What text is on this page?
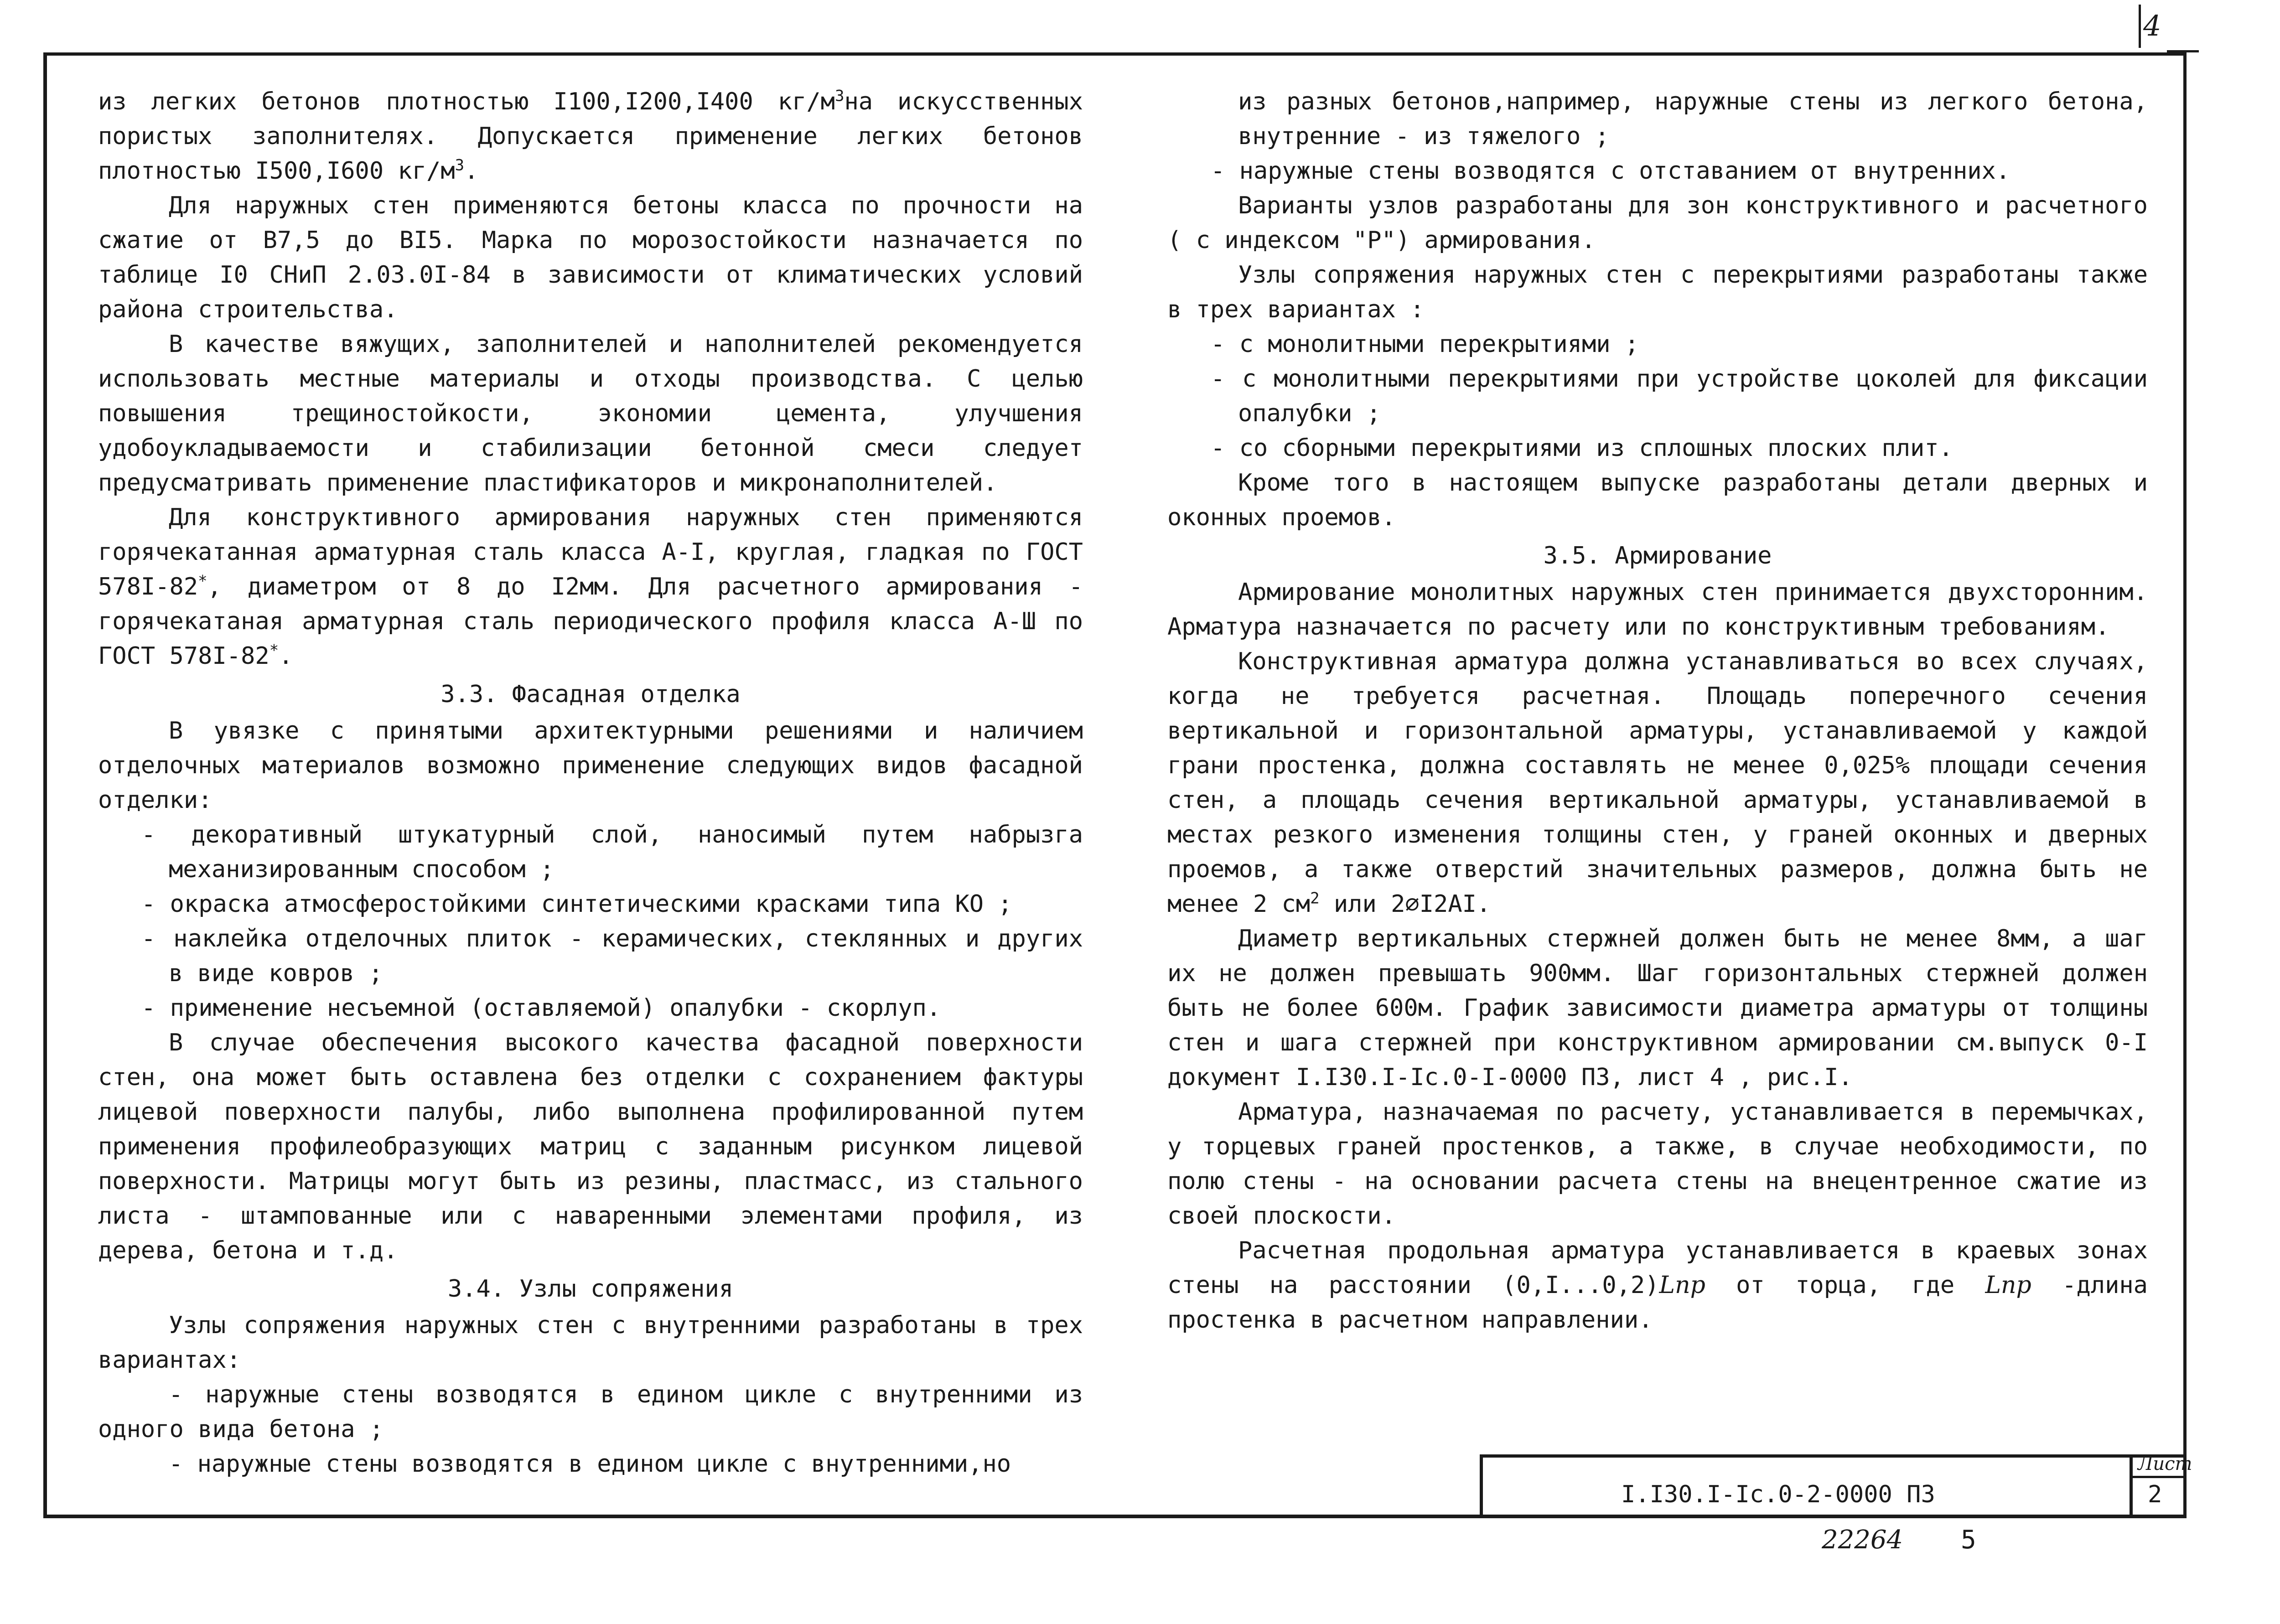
4

из легких бетонов плотностью I100,I200,I400 $кг/м^3на$ искусственных пористых заполнителях. Допускается применение легких бетонов плотностью I500,I600 $кг/м^3$.

Для наружных стен применяются бетоны класса по прочности на сжатие от В7,5 до ВI5. Марка по морозостойкости назначается по таблице I0 СНиП 2.03.0I-84 в зависимости от климатических условий района строительства.

В качестве вяжущих, заполнителей и наполнителей рекомендуется использовать местные материалы и отходы производства. С целью повышения трещиностойкости, экономии цемента, улучшения удобоукладываемости и стабилизации бетонной смеси следует предусматривать применение пластификаторов и микронаполнителей.

Для конструктивного армирования наружных стен применяются горячекатанная арматурная сталь класса А-I, круглая, гладкая по ГОСТ 578I-82*, диаметром от 8 до I2мм. Для расчетного армирования - горячекатаная арматурная сталь периодического профиля класса А-Ш по ГОСТ 578I-82*.

3.3. Фасадная отделка

В увязке с принятыми архитектурными решениями и наличием отделочных материалов возможно применение следующих видов фасадной отделки:

- декоративный штукатурный слой, наносимый путем набрызга механизированным способом ;

- окраска атмосферостойкими синтетическими красками типа КО ;

- наклейка отделочных плиток - керамических, стеклянных и других в виде ковров ;

- применение несъемной (оставляемой) опалубки - скорлуп.

В случае обеспечения высокого качества фасадной поверхности стен, она может быть оставлена без отделки с сохранением фактуры лицевой поверхности палубы, либо выполнена профилированной путем применения профилеобразующих матриц с заданным рисунком лицевой поверхности. Матрицы могут быть из резины, пластмасс, из стального листа - штампованные или с наваренными элементами профиля, из дерева, бетона и т.д.

3.4. Узлы сопряжения

Узлы сопряжения наружных стен с внутренними разработаны в трех вариантах:

- наружные стены возводятся в едином цикле с внутренними из одного вида бетона ;

- наружные стены возводятся в едином цикле с внутренними,но

из разных бетонов,например, наружные стены из легкого бетона, внутренние - из тяжелого ;

- наружные стены возводятся с отставанием от внутренних.

Варианты узлов разработаны для зон конструктивного и расчетного ( с индексом "Р") армирования.

Узлы сопряжения наружных стен с перекрытиями разработаны также в трех вариантах :

- с монолитными перекрытиями ;

- с монолитными перекрытиями при устройстве цоколей для фиксации опалубки ;

- со сборными перекрытиями из сплошных плоских плит.

Кроме того в настоящем выпуске разработаны детали дверных и оконных проемов.

3.5. Армирование

Армирование монолитных наружных стен принимается двухсторонним. Арматура назначается по расчету или по конструктивным требованиям.

Конструктивная арматура должна устанавливаться во всех случаях, когда не требуется расчетная. Площадь поперечного сечения вертикальной и горизонтальной арматуры, устанавливаемой у каждой грани простенка, должна составлять не менее 0,025% площади сечения стен, а площадь сечения вертикальной арматуры, устанавливаемой в местах резкого изменения толщины стен, у граней оконных и дверных проемов, а также отверстий значительных размеров, должна быть не менее 2 $см^2$ или 2⌀I2АI.

Диаметр вертикальных стержней должен быть не менее 8мм, а шаг их не должен превышать 900мм. Шаг горизонтальных стержней должен быть не более 600м. График зависимости диаметра арматуры от толщины стен и шага стержней при конструктивном армировании см.выпуск 0-I документ I.I30.I-Iс.0-I-0000 ПЗ, лист 4 , рис.I.

Арматура, назначаемая по расчету, устанавливается в перемычках, у торцевых граней простенков, а также, в случае необходимости, по полю стены - на основании расчета стены на внецентренное сжатие из своей плоскости.

Расчетная продольная арматура устанавливается в краевых зонах стены на расстоянии (0,I...0,2)Lпр от торца, где Lпр -длина простенка в расчетном направлении.

I.I30.I-Iс.0-2-0000 ПЗ
Лист
2
22264 5
